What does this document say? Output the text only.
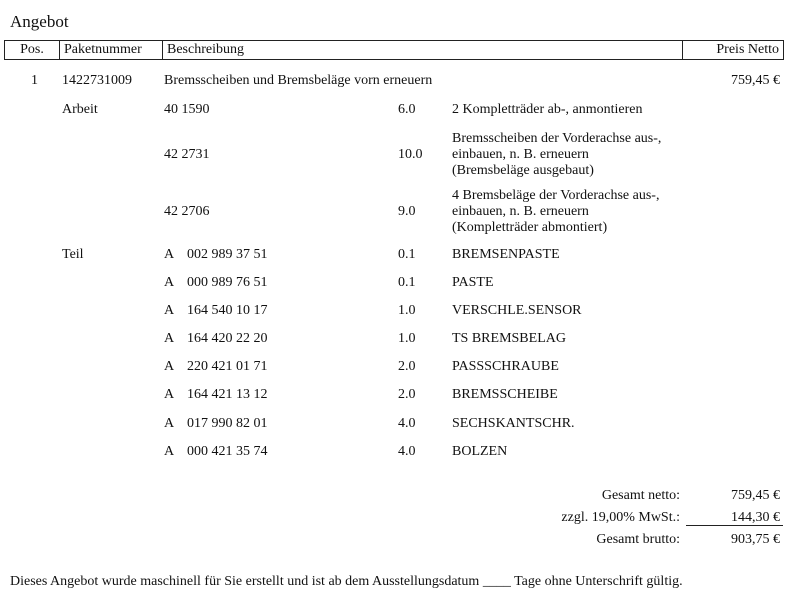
Angebot
Pos.	Paketnummer	Beschreibung	Preis Netto
1 1422731009 Bremsscheiben und Bremsbeläge vorn erneuern	759,45 €
Arbeit	40 1590	6.0	2 Kompletträder ab-, anmontieren
42 2731	10.0
Bremsscheiben der Vorderachse aus-,
einbauen, n. B. erneuern
(Bremsbeläge ausgebaut)
42 2706	9.0
4 Bremsbeläge der Vorderachse aus-,
einbauen, n. B. erneuern
(Kompletträder abmontiert)
Teil	A 002 989 37 51	0.1	BREMSENPASTE
A 000 989 76 51	0.1	PASTE
A 164 540 10 17	1.0	VERSCHLE.SENSOR
A 164 420 22 20	1.0	TS BREMSBELAG
A 220 421 01 71	2.0	PASSSCHRAUBE
A 164 421 13 12	2.0	BREMSSCHEIBE
A 017 990 82 01	4.0	SECHSKANTSCHR.
A 000 421 35 74	4.0	BOLZEN
Gesamt netto:	759,45 €
zzgl. 19,00% MwSt.:	144,30 €
Gesamt brutto:	903,75 €
Dieses Angebot wurde maschinell für Sie erstellt und ist ab dem Ausstellungsdatum ____ Tage ohne Unterschrift gültig.
